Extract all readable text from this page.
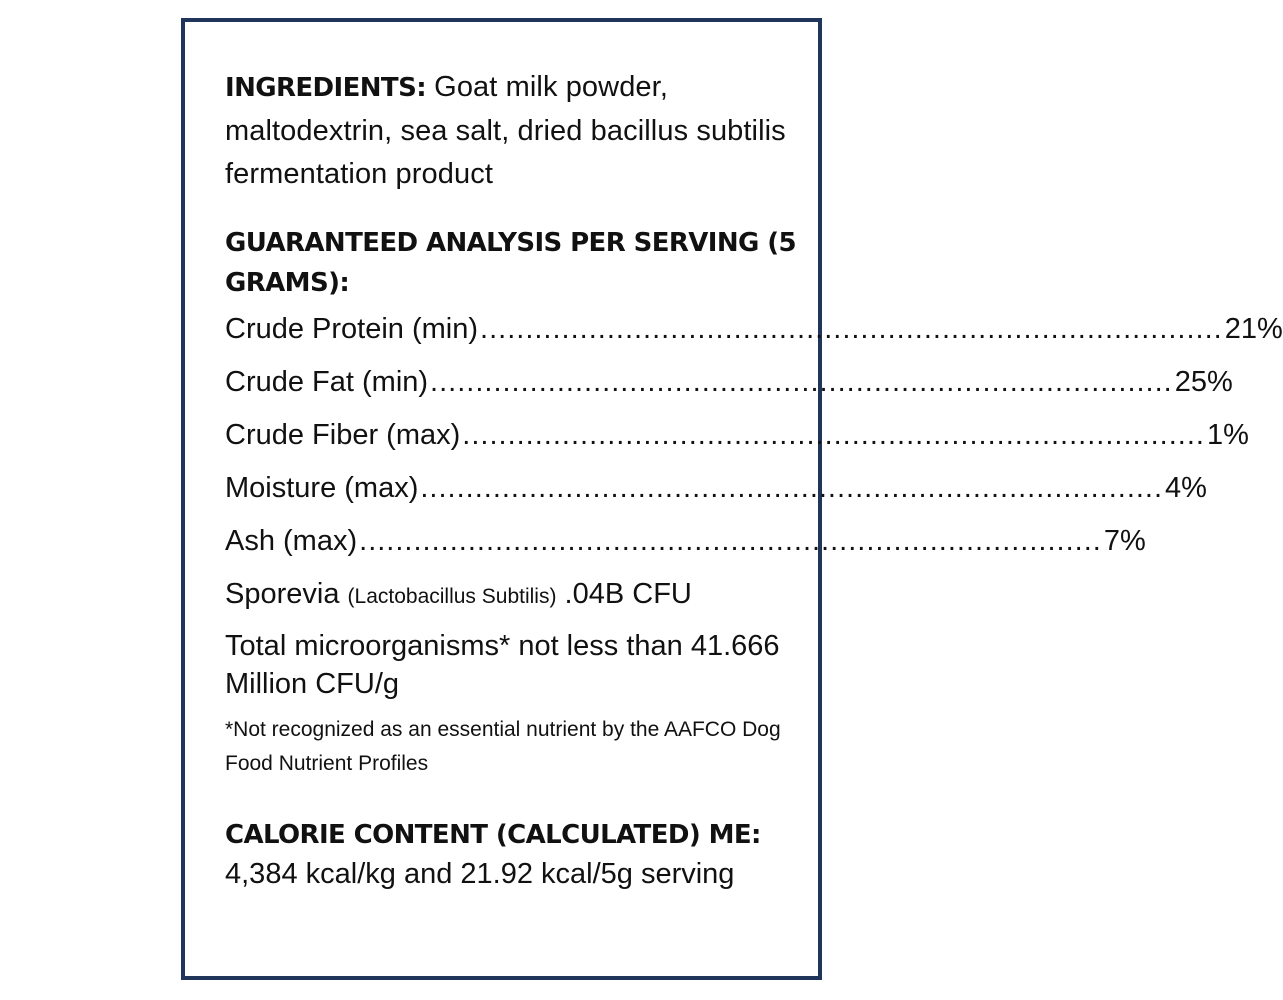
INGREDIENTS: Goat milk powder, maltodextrin, sea salt, dried bacillus subtilis fermentation product

GUARANTEED ANALYSIS PER SERVING (5 GRAMS):
Crude Protein (min) .................................................................................. 21%
Crude Fat (min) .................................................................................. 25%
Crude Fiber (max) .................................................................................. 1%
Moisture (max) .................................................................................. 4%
Ash (max) .................................................................................. 7%
Sporevia (Lactobacillus Subtilis) .04B CFU
Total microorganisms* not less than 41.666 Million CFU/g
*Not recognized as an essential nutrient by the AAFCO Dog Food Nutrient Profiles
CALORIE CONTENT (CALCULATED) ME:
4,384 kcal/kg and 21.92 kcal/5g serving
